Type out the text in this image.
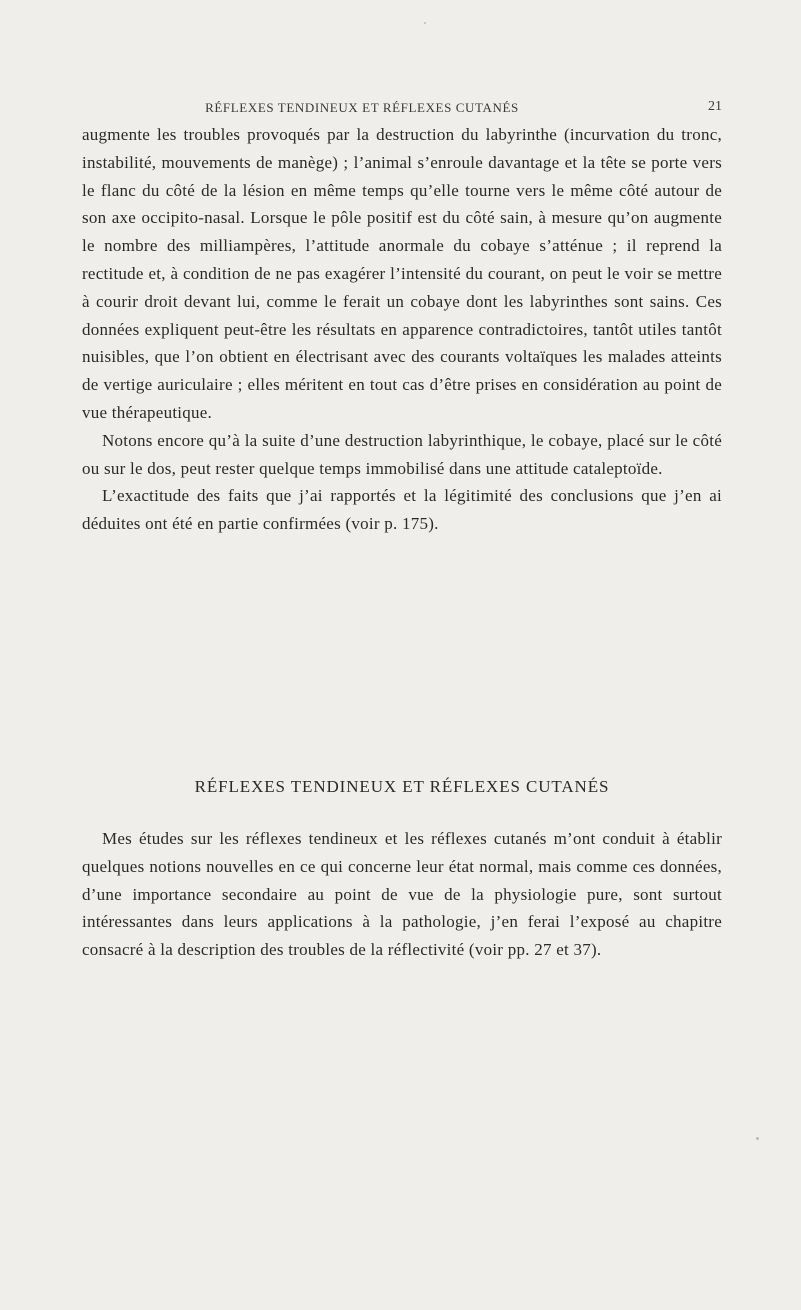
RÉFLEXES TENDINEUX ET RÉFLEXES CUTANÉS	21

augmente les troubles provoqués par la destruction du labyrinthe (incurvation du tronc, instabilité, mouvements de manège) ; l’animal s’enroule davantage et la tête se porte vers le flanc du côté de la lésion en même temps qu’elle tourne vers le même côté autour de son axe occipito-nasal. Lorsque le pôle positif est du côté sain, à mesure qu’on augmente le nombre des milliampères, l’attitude anormale du cobaye s’atténue ; il reprend la rectitude et, à condition de ne pas exagérer l’intensité du courant, on peut le voir se mettre à courir droit devant lui, comme le ferait un cobaye dont les labyrinthes sont sains. Ces données expliquent peut-être les résultats en apparence contradictoires, tantôt utiles tantôt nuisibles, que l’on obtient en électrisant avec des courants voltaïques les malades atteints de vertige auriculaire ; elles méritent en tout cas d’être prises en considération au point de vue thérapeutique.

Notons encore qu’à la suite d’une destruction labyrinthique, le cobaye, placé sur le côté ou sur le dos, peut rester quelque temps immobilisé dans une attitude cataleptoïde.

L’exactitude des faits que j’ai rapportés et la légitimité des conclusions que j’en ai déduites ont été en partie confirmées (voir p. 175).

RÉFLEXES TENDINEUX ET RÉFLEXES CUTANÉS

Mes études sur les réflexes tendineux et les réflexes cutanés m’ont conduit à établir quelques notions nouvelles en ce qui concerne leur état normal, mais comme ces données, d’une importance secondaire au point de vue de la physiologie pure, sont surtout intéressantes dans leurs applications à la pathologie, j’en ferai l’exposé au chapitre consacré à la description des troubles de la réflectivité (voir pp. 27 et 37).
